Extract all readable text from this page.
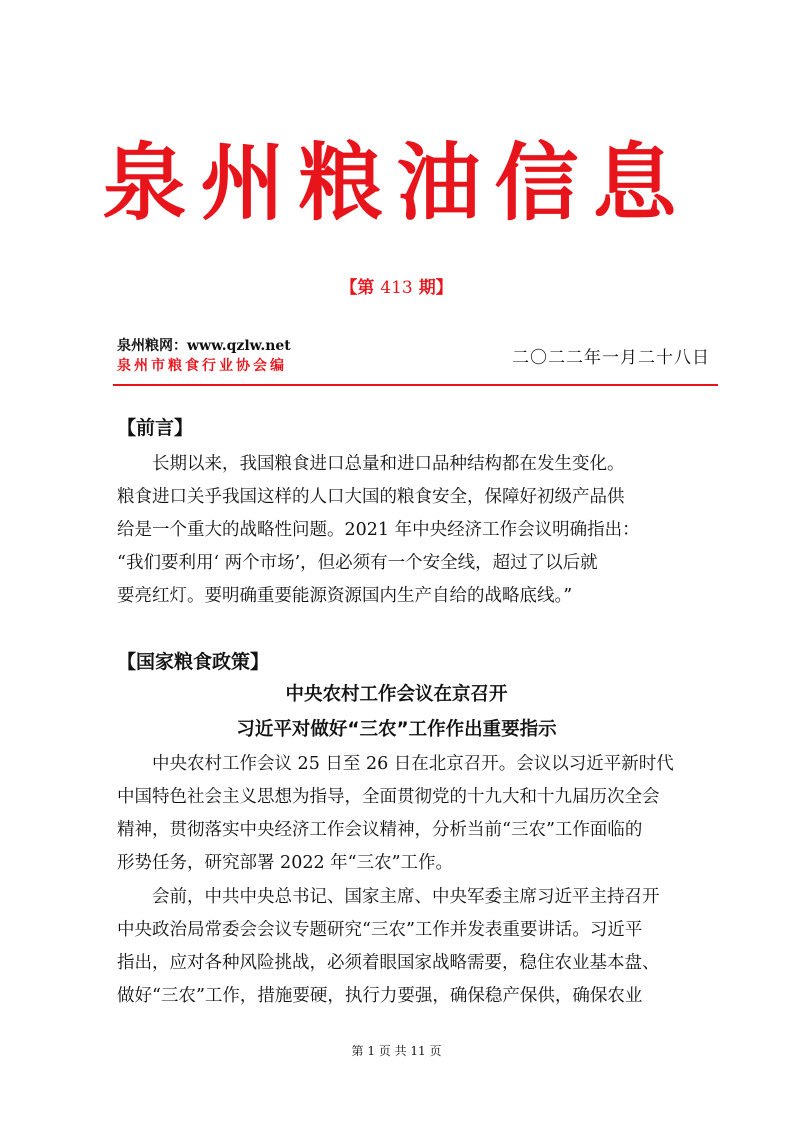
泉州粮油信息
【第 413 期】
泉州粮网：www.qzlw.net
泉州市粮食行业协会编	二〇二二年一月二十八日
【前言】
　　长期以来，我国粮食进口总量和进口品种结构都在发生变化。
粮食进口关乎我国这样的人口大国的粮食安全，保障好初级产品供
给是一个重大的战略性问题。2021 年中央经济工作会议明确指出：
“我们要利用‘ 两个市场’，但必须有一个安全线，超过了以后就
要亮红灯。要明确重要能源资源国内生产自给的战略底线。”
【国家粮食政策】
中央农村工作会议在京召开
习近平对做好“三农”工作作出重要指示
　　中央农村工作会议 25 日至 26 日在北京召开。会议以习近平新时代
中国特色社会主义思想为指导，全面贯彻党的十九大和十九届历次全会
精神，贯彻落实中央经济工作会议精神，分析当前“三农”工作面临的
形势任务，研究部署 2022 年“三农”工作。
　　会前，中共中央总书记、国家主席、中央军委主席习近平主持召开
中央政治局常委会会议专题研究“三农”工作并发表重要讲话。习近平
指出，应对各种风险挑战，必须着眼国家战略需要，稳住农业基本盘、
做好“三农”工作，措施要硬，执行力要强，确保稳产保供，确保农业
第 1 页 共 11 页
